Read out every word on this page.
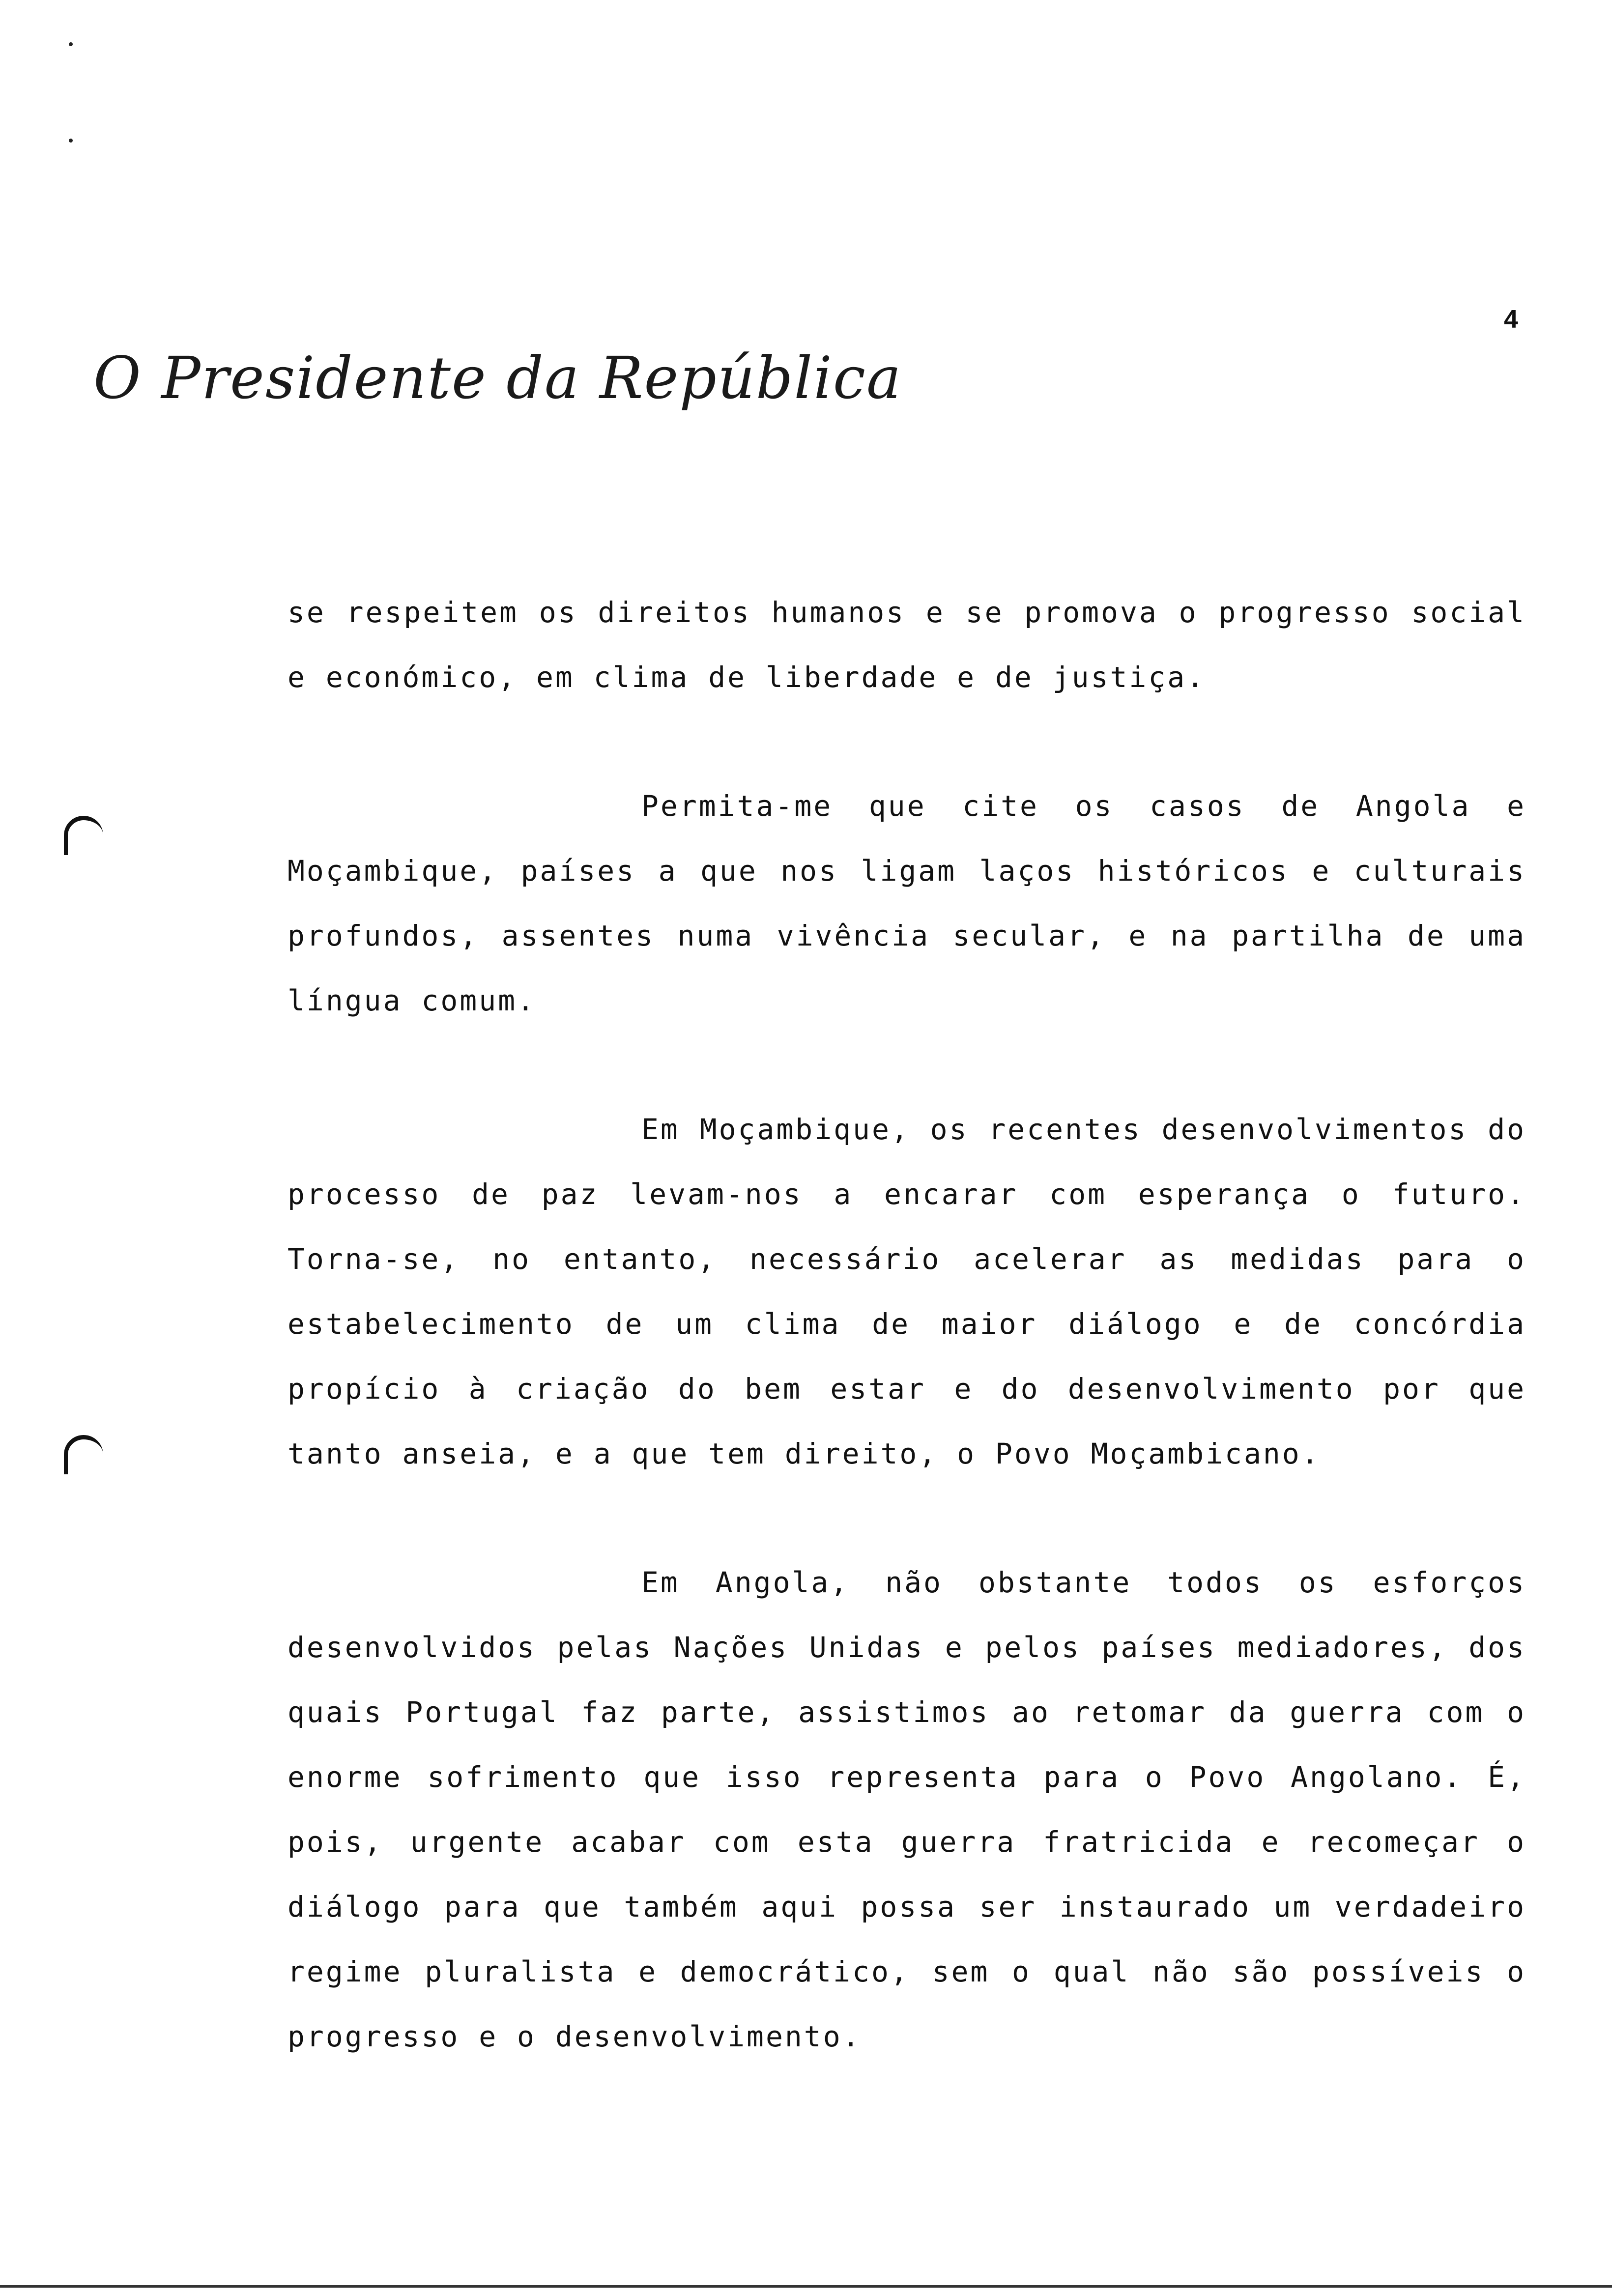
4
O Presidente da República

se respeitem os direitos humanos e se promova o progresso social e económico, em clima de liberdade e de justiça.

Permita-me que cite os casos de Angola e Moçambique, países a que nos ligam laços históricos e culturais profundos, assentes numa vivência secular, e na partilha de uma língua comum.

Em Moçambique, os recentes desenvolvimentos do processo de paz levam-nos a encarar com esperança o futuro. Torna-se, no entanto, necessário acelerar as medidas para o estabelecimento de um clima de maior diálogo e de concórdia propício à criação do bem estar e do desenvolvimento por que tanto anseia, e a que tem direito, o Povo Moçambicano.

Em Angola, não obstante todos os esforços desenvolvidos pelas Nações Unidas e pelos países mediadores, dos quais Portugal faz parte, assistimos ao retomar da guerra com o enorme sofrimento que isso representa para o Povo Angolano. É, pois, urgente acabar com esta guerra fratricida e recomeçar o diálogo para que também aqui possa ser instaurado um verdadeiro regime pluralista e democrático, sem o qual não são possíveis o progresso e o desenvolvimento.
